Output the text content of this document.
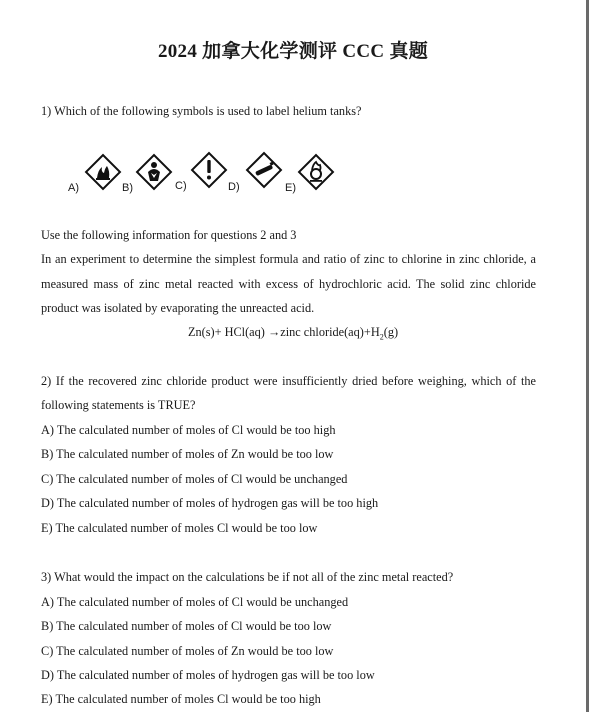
2024 加拿大化学测评 CCC 真题
1) Which of the following symbols is used to label helium tanks?
A)	B)	C)	D)	E)
Use the following information for questions 2 and 3
In an experiment to determine the simplest formula and ratio of zinc to chlorine in zinc chloride, a
measured mass of zinc metal reacted with excess of hydrochloric acid. The solid zinc chloride
product was isolated by evaporating the unreacted acid.
Zn(s)+ HCl(aq) →zinc $chloride(aq)+H_2(g)$
2) If the recovered zinc chloride product were insufficiently dried before weighing, which of the
following statements is TRUE?
A) The calculated number of moles of Cl would be too high
B) The calculated number of moles of Zn would be too low
C) The calculated number of moles of Cl would be unchanged
D) The calculated number of moles of hydrogen gas will be too high
E) The calculated number of moles Cl would be too low
3) What would the impact on the calculations be if not all of the zinc metal reacted?
A) The calculated number of moles of Cl would be unchanged
B) The calculated number of moles of Cl would be too low
C) The calculated number of moles of Zn would be too low
D) The calculated number of moles of hydrogen gas will be too low
E) The calculated number of moles Cl would be too high
